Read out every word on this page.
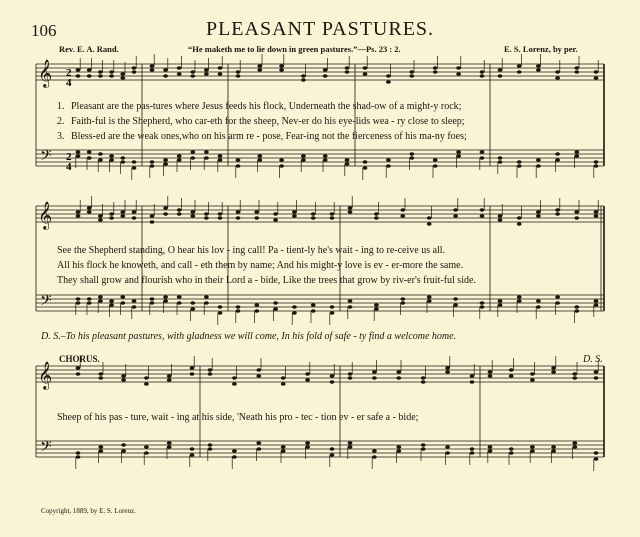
106	PLEASANT PASTURES.
Rev. E. A. Rand.	“He maketh me to lie down in green pastures.”—Ps. 23 : 2.	E. S. Lorenz, by per.
𝄞
𝄢
𝄞
𝄢
𝄞
𝄢
2
4
2
4
1. Pleasant are the pas-tures where Jesus feeds his flock, Underneath the shad-ow of a might-y rock;
2. Faith-ful is the Shepherd, who car-eth for the sheep, Nev-er do his eye-lids wea - ry close to sleep;
3. Bless-ed are the weak ones,who on his arm re - pose, Fear-ing not the fierceness of his ma-ny foes;
See the Shepherd standing, O hear his lov - ing call! Pa - tient-ly he's wait - ing to re-ceive us all.
All his flock he knoweth, and call - eth them by name; And his might-y love is ev - er-more the same.
They shall grow and flourish who in their Lord a - bide, Like the trees that grow by riv-er's fruit-ful side.
D. S.–To his pleasant pastures, with gladness we will come, In his fold of safe - ty find a welcome home.
CHORUS.	D. S.
Sheep of his pas - ture, wait - ing at his side, 'Neath his pro - tec - tion ev - er safe a - bide;
Copyright, 1889, by E. S. Lorenz.
